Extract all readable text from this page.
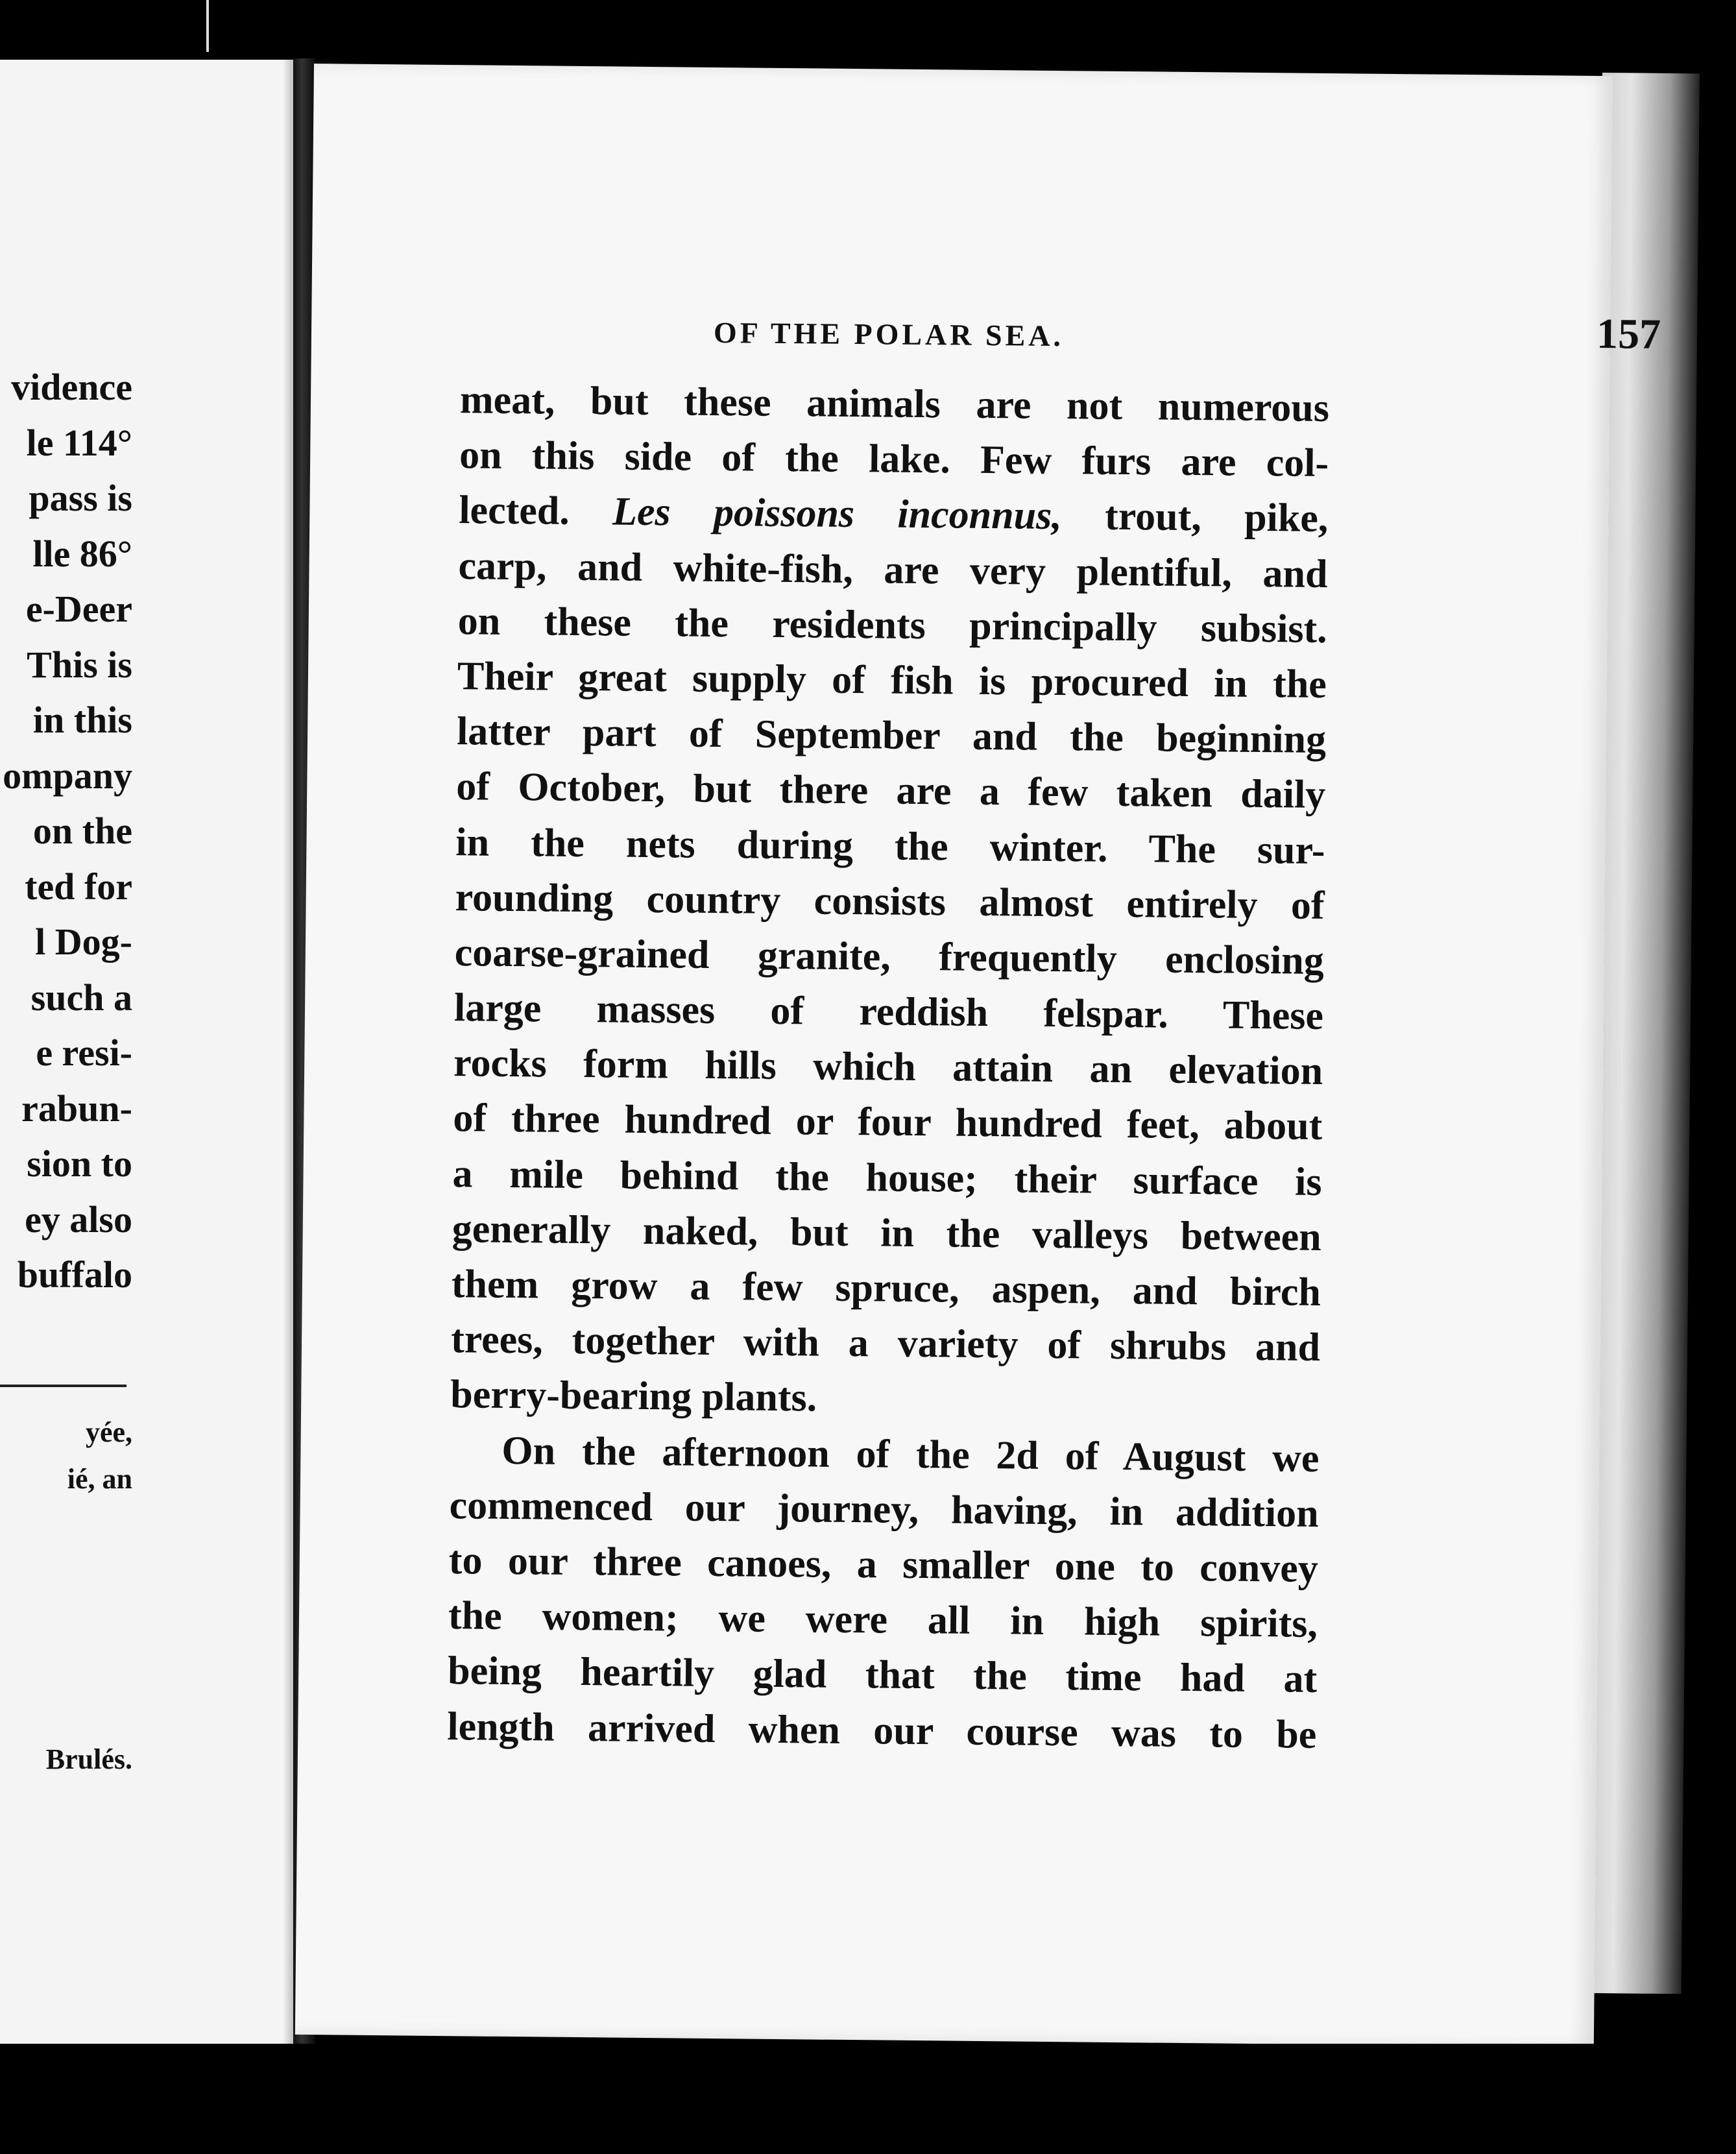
vidence
le 114°
pass is
lle 86°
e-Deer
This is
in this
ompany
on the
ted for
l Dog-
such a
e resi-
rabun-
sion to
ey also
buffalo
yée,
ié, an
Brulés.
OF THE POLAR SEA.	157
meat, but these animals are not numerous
on this side of the lake. Few furs are col-
lected. Les poissons inconnus, trout, pike,
carp, and white-fish, are very plentiful, and
on these the residents principally subsist.
Their great supply of fish is procured in the
latter part of September and the beginning
of October, but there are a few taken daily
in the nets during the winter. The sur-
rounding country consists almost entirely of
coarse-grained granite, frequently enclosing
large masses of reddish felspar. These
rocks form hills which attain an elevation
of three hundred or four hundred feet, about
a mile behind the house; their surface is
generally naked, but in the valleys between
them grow a few spruce, aspen, and birch
trees, together with a variety of shrubs and
berry-bearing plants.
On the afternoon of the 2d of August we
commenced our journey, having, in addition
to our three canoes, a smaller one to convey
the women; we were all in high spirits,
being heartily glad that the time had at
length arrived when our course was to be
